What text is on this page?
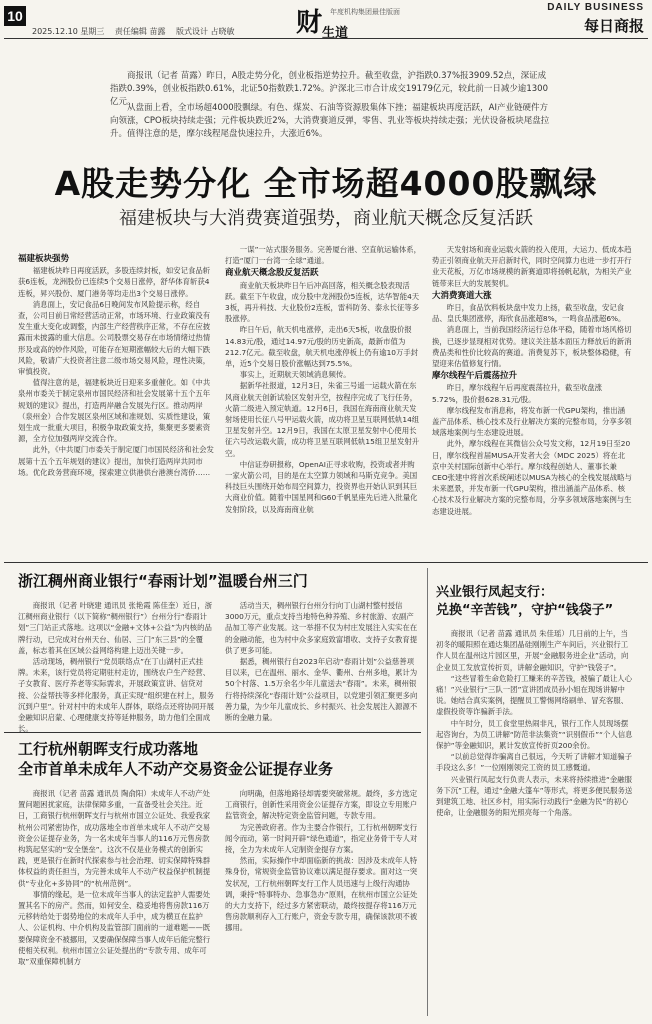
10
2025.12.10 星期三 责任编辑 苗露 版式设计 占晓敏	财 年度机构集团最佳版面
生道
DAILY BUSINESS
每日商报

商报讯（记者 苗露）昨日，A股走势分化，创业板指逆势拉升。截至收盘，沪指跌0.37%报3909.52点，深证成指跌0.39%，创业板指跌0.61%，北证50指数跌1.72%。沪深北三市合计成交19179亿元，较此前一日减少逾1300亿元。

从盘面上看，全市场超4000股飘绿。有色、煤炭、石油等资源股集体下挫；福建板块再度活跃，AI产业链硬件方向领涨，CPO板块持续走强；元件板块跌近2%，大消费赛道反弹，零售、乳业等板块持续走强；光伏设备板块尾盘拉升。值得注意的是，摩尔线程尾盘快速拉升，大涨近6%。

A股走势分化 全市场超4000股飘绿
福建板块与大消费赛道强势，商业航天概念反复活跃

福建板块强势

福建板块昨日再度活跃，多股连续封板，如安记食品斩获6连板，龙洲股份已连续5个交易日涨停，舒华体育斩获4连板，昇兴股份、厦门港务等均走出3个交易日涨停。

消息面上，安记食品6日晚间发布风险提示称，经自查，公司目前日常经营活动正常，市场环境、行业政策没有发生重大变化或调整，内部生产经营秩序正常，不存在应披露而未披露的重大信息。公司股票交易存在市场情绪过热情形及或高的炒作风险，可能存在短期涨幅较大后的大幅下跌风险，敬请广大投资者注意二级市场交易风险，理性决策，审慎投资。

值得注意的是，福建板块近日迎来多重催化。如《中共泉州市委关于制定泉州市国民经济和社会发展第十五个五年规划的建议》提出，打造两岸融合发展先行区。推动两岸（泉州金）合作发展区泉州区域和准规划、实质性建设，策划生成一批重大项目，积极争取政策支持，集聚更多要素资源，全方位加强两岸交流合作。

此外，《中共厦门市委关于制定厦门市国民经济和社会发展第十五个五年规划的建议》提出，加快打造两岸共同市场。优化政务营商环境，探索建立供港供台港澳台湾侨……

一谋”一站式服务服务。完善厦台港、空直航运输体系，打造“厦门一台湾一全球”通道。

商业航天概念股反复活跃

商业航天板块昨日午后冲高回落，相关概念股表现活跃。截至下午收盘，成分股中龙洲股份5连板，达华智能4天3板，再升科技、大业股份2连板，雷科防务、泰永长征等多股涨停。

昨日午后，航天机电涨停，走出6天5板，收盘股价报14.83元/股，通过14.97元/股的历史新高，最新市值为212.7亿元。截至收盘，航天机电涨停板上仍有逾10万手封单，近5个交易日股价涨幅达到75.5%。

事实上，近期航天领域消息频传。

据新华社报道，12月3日，朱雀三号遥一运载火箭在东风商业航天创新试验区发射升空，按程序完成了飞行任务，火箭二级进入预定轨道。12月6日，我国在海南商业航天发射场使用长征八号甲运载火箭，成功将卫星互联网低轨14组卫星发射升空。12月9日，我国在太原卫星发射中心使用长征六号改运载火箭，成功将卫星互联网低轨15组卫星发射升空。

中信证券研报称，OpenAI正寻求收购，投资或者并购一家火箭公司，目的是在太空算力领域和马斯克竞争。美国科技巨头围绕开始布局空间算力，投资界也开始认识到其巨大商业价值。随着中国星网和G60千帆星座先后进入批量化发射阶段，以及海南商业航

天发射场和商业运载火箭的投入使用，大运力、低成本趋势正引领商业航天开启新时代，同时空间算力也进一步打开行业天花板，万亿市场规模的新赛道即将扬帆起航，为相关产业链带来巨大的发展契机。

大消费赛道大涨

昨日，食品饮料板块盘中发力上扬，截至收盘，安记食品、皇氏集团涨停，海欣食品涨超8%，一鸣食品涨超6%。

消息面上，当前我国经济运行总体平稳，随着市场风格切换，已逐步显现相对优势。建议关注基本面压力释放后的新消费品类和性价比较高的赛道。消费复苏下，板块整体稳健，有望迎来估值修复行情。

摩尔线程午后震荡拉升

昨日，摩尔线程午后再度震荡拉升，截至收盘涨5.72%，股价报628.31元/股。

摩尔线程发布消息称，将发布新一代GPU架构，推出涵盖产品体系、核心技术及行业解决方案的完整布局，分享多领域落地案例与生态建设进展。

此外，摩尔线程在其微信公众号发文称，12月19日至20日，摩尔线程首届MUSA开发者大会（MDC 2025）将在北京中关村国际创新中心举行。摩尔线程创始人、董事长兼CEO张建中将首次系统阐述以MUSA为核心的全栈发展战略与未来愿景，并发布新一代GPU架构，推出涵盖产品体系、核心技术及行业解决方案的完整布局，分享多领域落地案例与生态建设进展。

浙江稠州商业银行“春雨计划”温暖台州三门

商报讯（记者 叶晓建 通讯员 张艳霞 陈佳奎）近日，浙江稠州商业银行（以下简称“稠州银行”）台州分行“春雨计划”三门站正式落地。这项以“金融+文体+公益”为内核的品牌行动，已完成对台州天台、仙居、三门“东三县”的全覆盖，标志着其在区域公益网络构建上迈出关键一步。

活动现场，稠州银行“党员联络点”在丁山湖村正式挂牌。未来，该行党员将定期驻村走访，围绕农户生产经营、子女教育、医疗养老等实际需求，开展政策宣讲、信贷对接、公益帮扶等多样化服务，真正实现“组织建在村上，服务沉到户里”。针对村中的未成年人群体，联络点还将协同开展金融知识启蒙、心理健康支持等延伸服务，助力他们全面成长。

活动当天，稠州银行台州分行向丁山湖村整村授信3000万元，重点支持当地特色种养殖、乡村旅游、农副产品加工等产业发展。这一举措不仅为村庄发展注入实实在在的金融动能，也为村中众多家庭致富增收、支持子女教育提供了更多可能。

据悉，稠州银行自2023年启动“春雨计划”公益慈善项目以来，已在温州、丽水、金华、衢州、台州多地，累计为50个村落、1.5万余名少年儿童送去“春雨”。未来，稠州银行将持续深化“春雨计划”公益项目，以党建引领汇聚更多向善力量，为少年儿童成长、乡村振兴、社会发展注入源源不断的金融力量。

工行杭州朝晖支行成功落地
全市首单未成年人不动产交易资金公证提存业务

商报讯（记者 苗露 通讯员 陶俞阳）未成年人不动产处置问题困扰家庭，法律保障多重，一直备受社会关注。近日，工商银行杭州朝晖支行与杭州市国立公证处、我爱我家杭州公司紧密协作，成功落地全市首单未成年人不动产交易资金公证提存业务，为一名未成年当事人的116万元售房款构筑起坚实的“安全堡垒”。这次不仅是业务模式的创新实践，更是银行在新时代探索参与社会治理、切实保障特殊群体权益的责任担当，为完善未成年人不动产权益保护机制提供“专业化+多协同”的“杭州范例”。

事情的缘起，是一位未成年当事人的法定监护人需要处置其名下的房产。然而，如何安全、稳妥地将售房款116万元移转给处于弱势地位的未成年人手中，成为横亘在监护人、公证机构、中介机构及监管部门面前的一道难题——既要保障资金不被挪用，又要确保保障当事人成年后能完整行使相关权利。杭州市国立公证处提出的“专款专用、成年可取”双重保障机制方

向明确，但落地路径却需要突破常规。最终，多方选定工商银行，创新性采用资金公证提存方案，即设立专用账户监管资金，解决特定资金监管问题，专款专用。

为完善政府者。作为主要合作银行，工行杭州朝晖支行闻令而动，第一时间开辟“绿色通道”，指定业务骨干专人对接，全力为未成年人定制资金提存方案。

然而，实际操作中却面临新的挑战：因涉及未成年人特殊身份，常规资金监管协议难以满足提存要求。面对这一突发状况，工行杭州朝晖支行工作人员迅速与上级行沟通协调，秉持“特事特办、急事急办”原则，在杭州市国立公证处的大力支持下，经过多方紧密联动，最终按提存将116万元售房款顺利存入工行账户，资金专款专用，确保该款项不被挪用。

兴业银行凤起支行：
兑换“辛苦钱”，守护“钱袋子”

商报讯（记者 苗露 通讯员 朱佳瑶）几日前的上午，当初冬的暖阳照在通达集团晶硅刚刚生产车间后，兴业银行工作人员在温州这片园区里，开展“金融服务进企业”活动，向企业员工发放宣传折页，讲解金融知识，守护“钱袋子”。

“这些冒着生命危险打工赚来的辛苦钱，被骗了最让人心痛！”兴业银行“三队一团”宣讲团成员孙小姐在现场讲解中说。她结合真实案例，提醒员工警惕网络刷单、冒充客服、虚假投资等诈骗新手法。

中午时分，员工食堂里热闹非凡，银行工作人员现场摆起咨询台，为员工讲解“防范非法集资”“识别假币”“个人信息保护”等金融知识，累计发放宣传折页200余份。

“以前总觉得诈骗离自己很远，今天听了讲解才知道骗子手段这么多！”一位刚刚领完工资的员工感慨道。

兴业银行凤起支行负责人表示，未来将持续推进“金融服务下沉”工程，通过“金融大篷车”等形式，将更多便民服务送到建筑工地、社区乡村，用实际行动践行“金融为民”的初心使命，让金融服务的阳光照亮每一个角落。
